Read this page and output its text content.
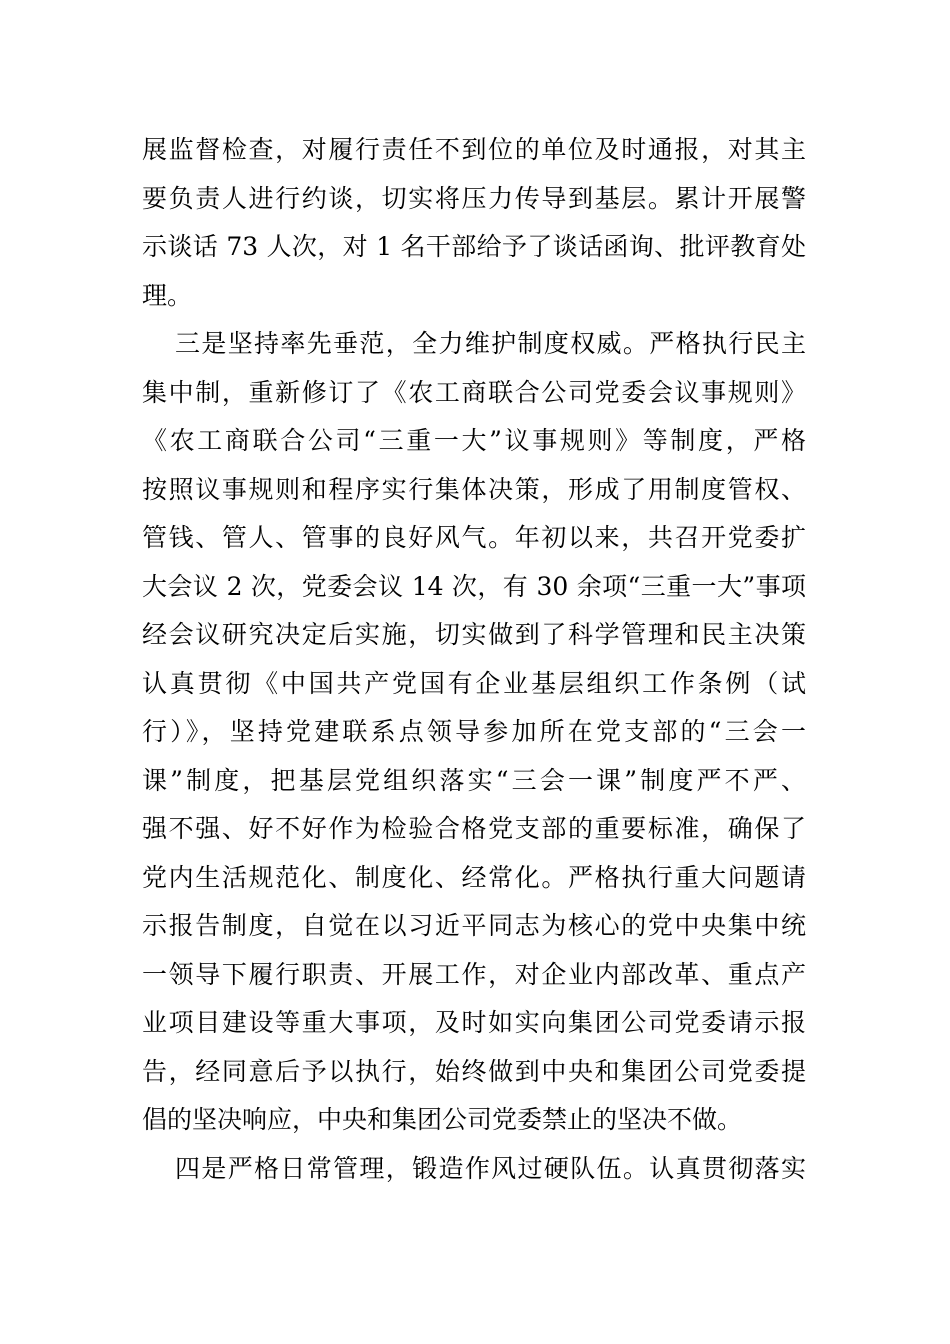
展监督检查，对履行责任不到位的单位及时通报，对其主
要负责人进行约谈，切实将压力传导到基层。累计开展警
示谈话 73 人次，对 1 名干部给予了谈话函询、批评教育处
理。
三是坚持率先垂范，全力维护制度权威。严格执行民主
集中制，重新修订了《农工商联合公司党委会议事规则》
《农工商联合公司“三重一大”议事规则》等制度，严格
按照议事规则和程序实行集体决策，形成了用制度管权、
管钱、管人、管事的良好风气。年初以来，共召开党委扩
大会议 2 次，党委会议 14 次，有 30 余项“三重一大”事项
经会议研究决定后实施，切实做到了科学管理和民主决策
认真贯彻《中国共产党国有企业基层组织工作条例（试
行）》，坚持党建联系点领导参加所在党支部的“三会一
课”制度，把基层党组织落实“三会一课”制度严不严、
强不强、好不好作为检验合格党支部的重要标准，确保了
党内生活规范化、制度化、经常化。严格执行重大问题请
示报告制度，自觉在以习近平同志为核心的党中央集中统
一领导下履行职责、开展工作，对企业内部改革、重点产
业项目建设等重大事项，及时如实向集团公司党委请示报
告，经同意后予以执行，始终做到中央和集团公司党委提
倡的坚决响应，中央和集团公司党委禁止的坚决不做。
四是严格日常管理，锻造作风过硬队伍。认真贯彻落实
